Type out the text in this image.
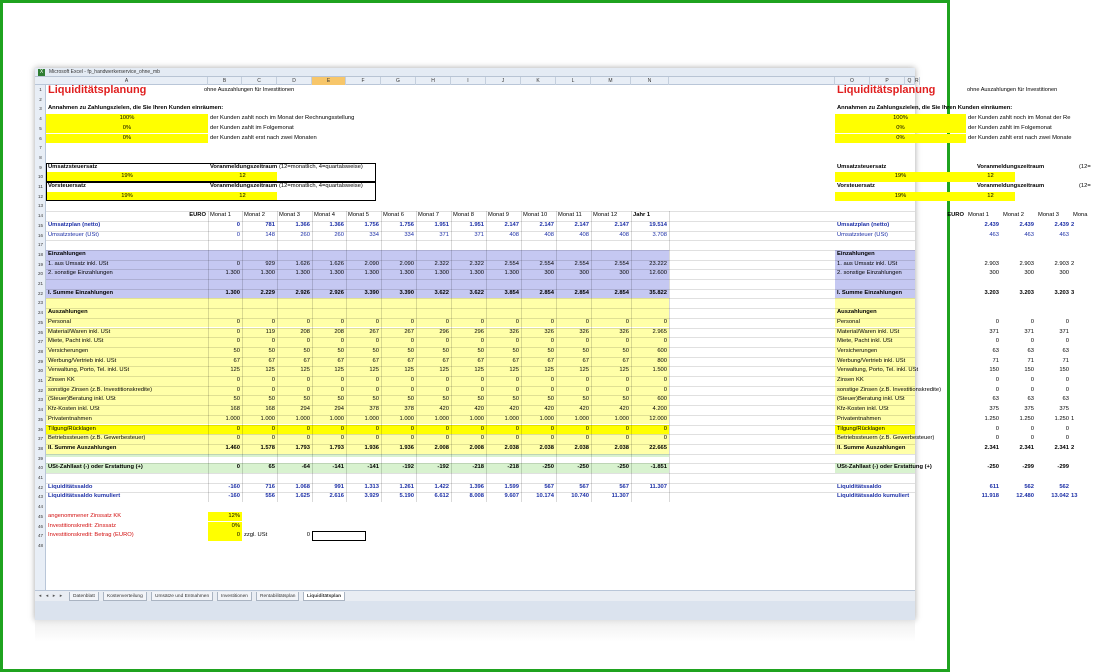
X	Microsoft Excel - fp_handwerkerservice_ohne_mb
A	B	C	D	E	F	G	H	I	J	K	L	M	N	O	P	Q R
1
2
3
4
5
6
7
8
9
10
11
12
13
14
15
16
17
18
19
20
21
22
23
24
25
26
27
28
29
30
31
32
33
34
35
36
37
38
39
40
41
42
43
44
45
46
47
48
Liquiditätsplanung	ohne Auszahlungen für Investitionen
Annahmen zu Zahlungszielen, die Sie Ihren Kunden einräumen:
100%	der Kunden zahlt noch im Monat der Rechnungsstellung
0%	der Kunden zahlt im Folgemonat
0%	der Kunden zahlt erst nach zwei Monaten
Umsatzsteuersatz	Voranmeldungszeitraum (12=monatlich, 4=quartalsweise)
19%	12
Vorsteuersatz	Voranmeldungszeitraum (12=monatlich, 4=quartalsweise)
19%	12
EURO Monat 1	Monat 2	Monat 3	Monat 4	Monat 5	Monat 6	Monat 7	Monat 8	Monat 9	Monat 10	Monat 11	Monat 12	Jahr 1
Umsatzplan (netto)	0	781	1.366	1.366	1.756	1.756	1.951	1.951	2.147	2.147	2.147	2.147	19.514
Umsatzsteuer (USt)	0	148	260	260	334	334	371	371	408	408	408	408	3.708
Einzahlungen
1. aus Umsatz inkl. USt	0	929	1.626	1.626	2.090	2.090	2.322	2.322	2.554	2.554	2.554	2.554	23.222
2. sonstige Einzahlungen	1.300	1.300	1.300	1.300	1.300	1.300	1.300	1.300	1.300	300	300	300	12.600
I. Summe Einzahlungen	1.300	2.229	2.926	2.926	3.390	3.390	3.622	3.622	3.854	2.854	2.854	2.854	35.822
Auszahlungen
Personal	0	0	0	0	0	0	0	0	0	0	0	0	0
Material/Waren inkl. USt	0	119	208	208	267	267	296	296	326	326	326	326	2.965
Miete, Pacht inkl. USt	0	0	0	0	0	0	0	0	0	0	0	0	0
Versicherungen	50	50	50	50	50	50	50	50	50	50	50	50	600
Werbung/Vertrieb inkl. USt	67	67	67	67	67	67	67	67	67	67	67	67	800
Verwaltung, Porto, Tel. inkl. USt	125	125	125	125	125	125	125	125	125	125	125	125	1.500
Zinsen KK	0	0	0	0	0	0	0	0	0	0	0	0	0
sonstige Zinsen (z.B. Investitionskredite)	0	0	0	0	0	0	0	0	0	0	0	0	0
(Steuer)Beratung inkl. USt	50	50	50	50	50	50	50	50	50	50	50	50	600
Kfz-Kosten inkl. USt	168	168	294	294	378	378	420	420	420	420	420	420	4.200
Privatentnahmen	1.000	1.000	1.000	1.000	1.000	1.000	1.000	1.000	1.000	1.000	1.000	1.000	12.000
Tilgung/Rücklagen	0	0	0	0	0	0	0	0	0	0	0	0	0
Betriebssteuern (z.B. Gewerbesteuer)	0	0	0	0	0	0	0	0	0	0	0	0	0
II. Summe Auszahlungen	1.460	1.578	1.793	1.793	1.936	1.936	2.008	2.008	2.038	2.038	2.038	2.038	22.665
USt-Zahllast (-) oder Erstattung (+)	0	65	-64	-141	-141	-192	-192	-218	-218	-250	-250	-250	-1.851
Liquiditätssaldo	-160	716	1.068	991	1.313	1.261	1.422	1.396	1.599	567	567	567	11.307
Liquiditätssaldo kumuliert	-160	556	1.625	2.616	3.929	5.190	6.612	8.008	9.607	10.174	10.740	11.307
angenommener Zinssatz KK	12%
Investitionskredit: Zinssatz	0%
Investitionskredit: Betrag (EURO)	0 zzgl. USt	0
Liquiditätsplanung	ohne Auszahlungen für Investitionen
Annahmen zu Zahlungszielen, die Sie Ihren Kunden einräumen:
100%	der Kunden zahlt noch im Monat der Re
0%	der Kunden zahlt im Folgemonat
0%	der Kunden zahlt erst nach zwei Monate
Umsatzsteuersatz	Voranmeldungszeitraum	(12=
19%	12
Vorsteuersatz	Voranmeldungszeitraum	(12=
19%	12
EURO Monat 1	Monat 2	Monat 3	Mona
Umsatzplan (netto)	2.439	2.439	2.439 2
Umsatzsteuer (USt)	463	463	463
Einzahlungen
1. aus Umsatz inkl. USt	2.903	2.903	2.903 2
2. sonstige Einzahlungen	300	300	300
I. Summe Einzahlungen	3.203	3.203	3.203 3
Auszahlungen
Personal	0	0	0
Material/Waren inkl. USt	371	371	371
Miete, Pacht inkl. USt	0	0	0
Versicherungen	63	63	63
Werbung/Vertrieb inkl. USt	71	71	71
Verwaltung, Porto, Tel. inkl. USt	150	150	150
Zinsen KK	0	0	0
sonstige Zinsen (z.B. Investitionskredite)	0	0	0
(Steuer)Beratung inkl. USt	63	63	63
Kfz-Kosten inkl. USt	375	375	375
Privatentnahmen	1.250	1.250	1.250 1
Tilgung/Rücklagen	0	0	0
Betriebssteuern (z.B. Gewerbesteuer)	0	0	0
II. Summe Auszahlungen	2.341	2.341	2.341 2
USt-Zahllast (-) oder Erstattung (+)	-250	-299	-299
Liquiditätssaldo	611	562	562
Liquiditätssaldo kumuliert	11.918	12.480	13.042 13
◂ ◂ ▸ ▸	Datenblatt	Kostenverteilung	Umsätze und Entnahmen	Investitionen	Rentabilitätsplan	Liquiditätsplan
